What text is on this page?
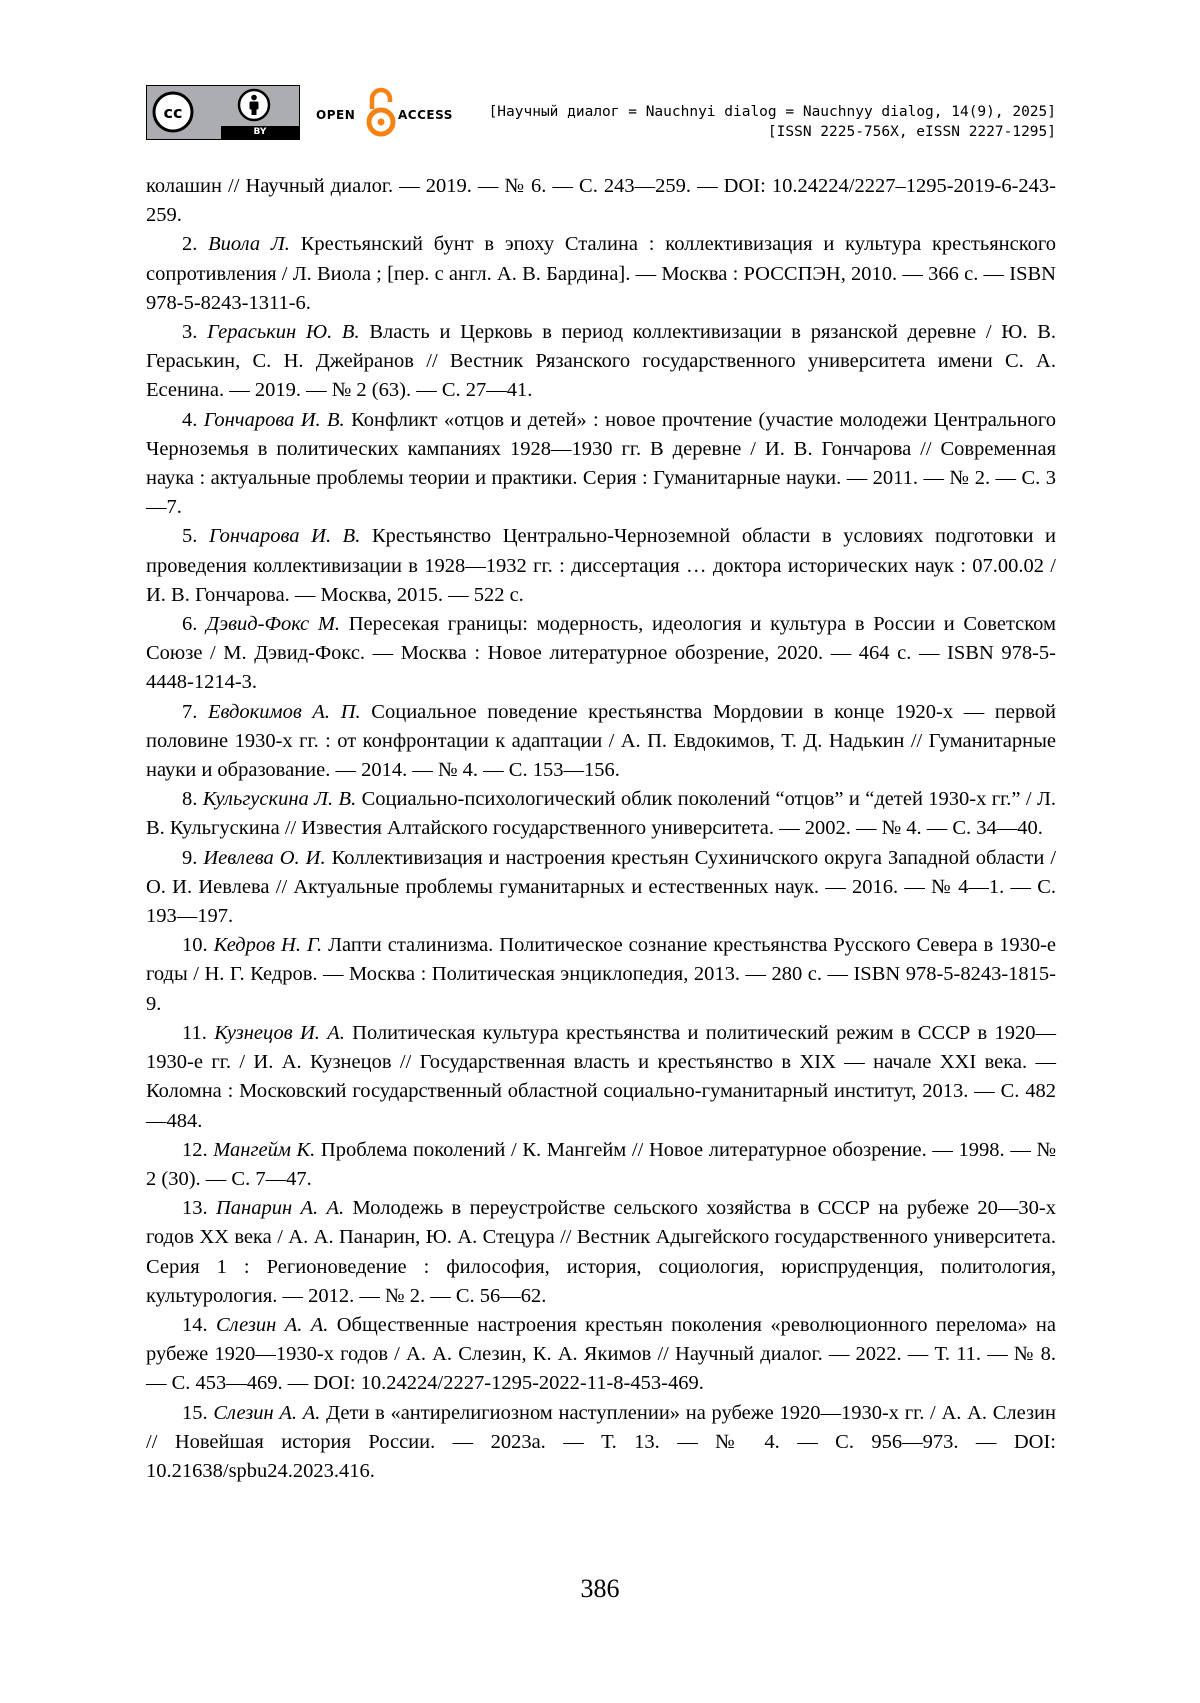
cc
BY
OPEN	ACCESS [Научный диалог = Nauchnyi dialog = Nauchnyy dialog, 14(9), 2025]
[ISSN 2225-756X, eISSN 2227-1295]

колашин // Научный диалог. — 2019. — № 6. — С. 243—259. — DOI: 10.24224/2227–1295-2019-6-243-259.

2. Виола Л. Крестьянский бунт в эпоху Сталина : коллективизация и культура крестьянского сопротивления / Л. Виола ; [пер. с англ. А. В. Бардина]. — Москва : РОССПЭН, 2010. — 366 с. — ISBN 978-5-8243-1311-6.

3. Гераськин Ю. В. Власть и Церковь в период коллективизации в рязанской деревне / Ю. В. Гераськин, С. Н. Джейранов // Вестник Рязанского государственного университета имени С. А. Есенина. — 2019. — № 2 (63). — С. 27—41.

4. Гончарова И. В. Конфликт «отцов и детей» : новое прочтение (участие молодежи Центрального Черноземья в политических кампаниях 1928—1930 гг. В деревне / И. В. Гончарова // Современная наука : актуальные проблемы теории и практики. Серия : Гуманитарные науки. — 2011. — № 2. — С. 3—7.

5. Гончарова И. В. Крестьянство Центрально-Черноземной области в условиях подготовки и проведения коллективизации в 1928—1932 гг. : диссертация … доктора исторических наук : 07.00.02 / И. В. Гончарова. — Москва, 2015. — 522 с.

6. Дэвид-Фокс М. Пересекая границы: модерность, идеология и культура в России и Советском Союзе / М. Дэвид-Фокс. — Москва : Новое литературное обозрение, 2020. — 464 с. — ISBN 978-5-4448-1214-3.

7. Евдокимов А. П. Социальное поведение крестьянства Мордовии в конце 1920-х — первой половине 1930-х гг. : от конфронтации к адаптации / А. П. Евдокимов, Т. Д. Надькин // Гуманитарные науки и образование. — 2014. — № 4. — С. 153—156.

8. Кульгускина Л. В. Социально-психологический облик поколений “отцов” и “детей 1930-х гг.” / Л. В. Кульгускина // Известия Алтайского государственного университета. — 2002. — № 4. — С. 34—40.

9. Иевлева О. И. Коллективизация и настроения крестьян Сухиничского округа Западной области / О. И. Иевлева // Актуальные проблемы гуманитарных и естественных наук. — 2016. — № 4—1. — С. 193—197.

10. Кедров Н. Г. Лапти сталинизма. Политическое сознание крестьянства Русского Севера в 1930-е годы / Н. Г. Кедров. — Москва : Политическая энциклопедия, 2013. — 280 с. — ISBN 978-5-8243-1815-9.

11. Кузнецов И. А. Политическая культура крестьянства и политический режим в СССР в 1920—1930-е гг. / И. А. Кузнецов // Государственная власть и крестьянство в XIX — начале XXI века. — Коломна : Московский государственный областной социально-гуманитарный институт, 2013. — С. 482—484.

12. Мангейм К. Проблема поколений / К. Мангейм // Новое литературное обозрение. — 1998. — № 2 (30). — С. 7—47.

13. Панарин А. А. Молодежь в переустройстве сельского хозяйства в СССР на рубеже 20—30-х годов XX века / А. А. Панарин, Ю. А. Стецура // Вестник Адыгейского государственного университета. Серия 1 : Регионоведение : философия, история, социология, юриспруденция, политология, культурология. — 2012. — № 2. — С. 56—62.

14. Слезин А. А. Общественные настроения крестьян поколения «революционного перелома» на рубеже 1920—1930-х годов / А. А. Слезин, К. А. Якимов // Научный диалог. — 2022. — Т. 11. — № 8. — С. 453—469. — DOI: 10.24224/2227-1295-2022-11-8-453-469.

15. Слезин А. А. Дети в «антирелигиозном наступлении» на рубеже 1920—1930-х гг. / А. А. Слезин // Новейшая история России. — 2023а. — Т. 13. — № 4. — С. 956—973. — DOI: 10.21638/spbu24.2023.416.

386
